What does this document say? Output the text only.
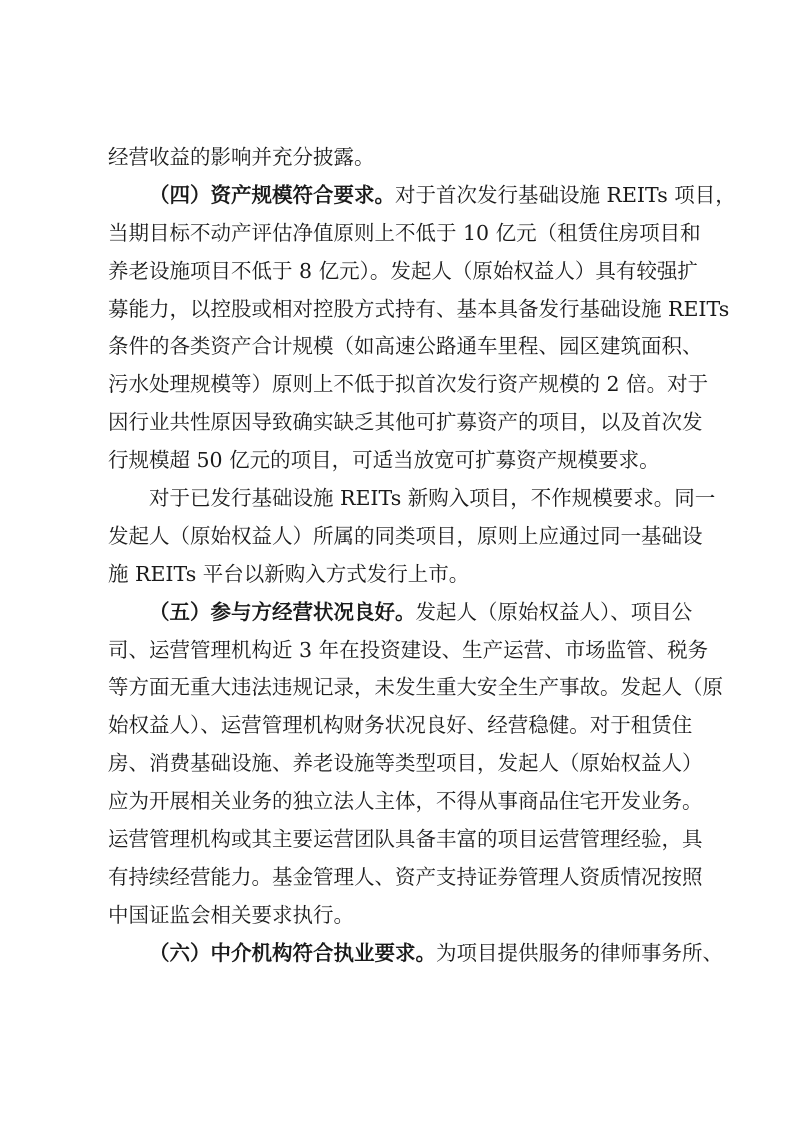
经营收益的影响并充分披露。
（四）资产规模符合要求。对于首次发行基础设施 REITs 项目，
当期目标不动产评估净值原则上不低于 10 亿元（租赁住房项目和
养老设施项目不低于 8 亿元）。发起人（原始权益人）具有较强扩
募能力，以控股或相对控股方式持有、基本具备发行基础设施 REITs
条件的各类资产合计规模（如高速公路通车里程、园区建筑面积、
污水处理规模等）原则上不低于拟首次发行资产规模的 2 倍。对于
因行业共性原因导致确实缺乏其他可扩募资产的项目，以及首次发
行规模超 50 亿元的项目，可适当放宽可扩募资产规模要求。
对于已发行基础设施 REITs 新购入项目，不作规模要求。同一
发起人（原始权益人）所属的同类项目，原则上应通过同一基础设
施 REITs 平台以新购入方式发行上市。
（五）参与方经营状况良好。发起人（原始权益人）、项目公
司、运营管理机构近 3 年在投资建设、生产运营、市场监管、税务
等方面无重大违法违规记录，未发生重大安全生产事故。发起人（原
始权益人）、运营管理机构财务状况良好、经营稳健。对于租赁住
房、消费基础设施、养老设施等类型项目，发起人（原始权益人）
应为开展相关业务的独立法人主体，不得从事商品住宅开发业务。
运营管理机构或其主要运营团队具备丰富的项目运营管理经验，具
有持续经营能力。基金管理人、资产支持证券管理人资质情况按照
中国证监会相关要求执行。
（六）中介机构符合执业要求。为项目提供服务的律师事务所、
